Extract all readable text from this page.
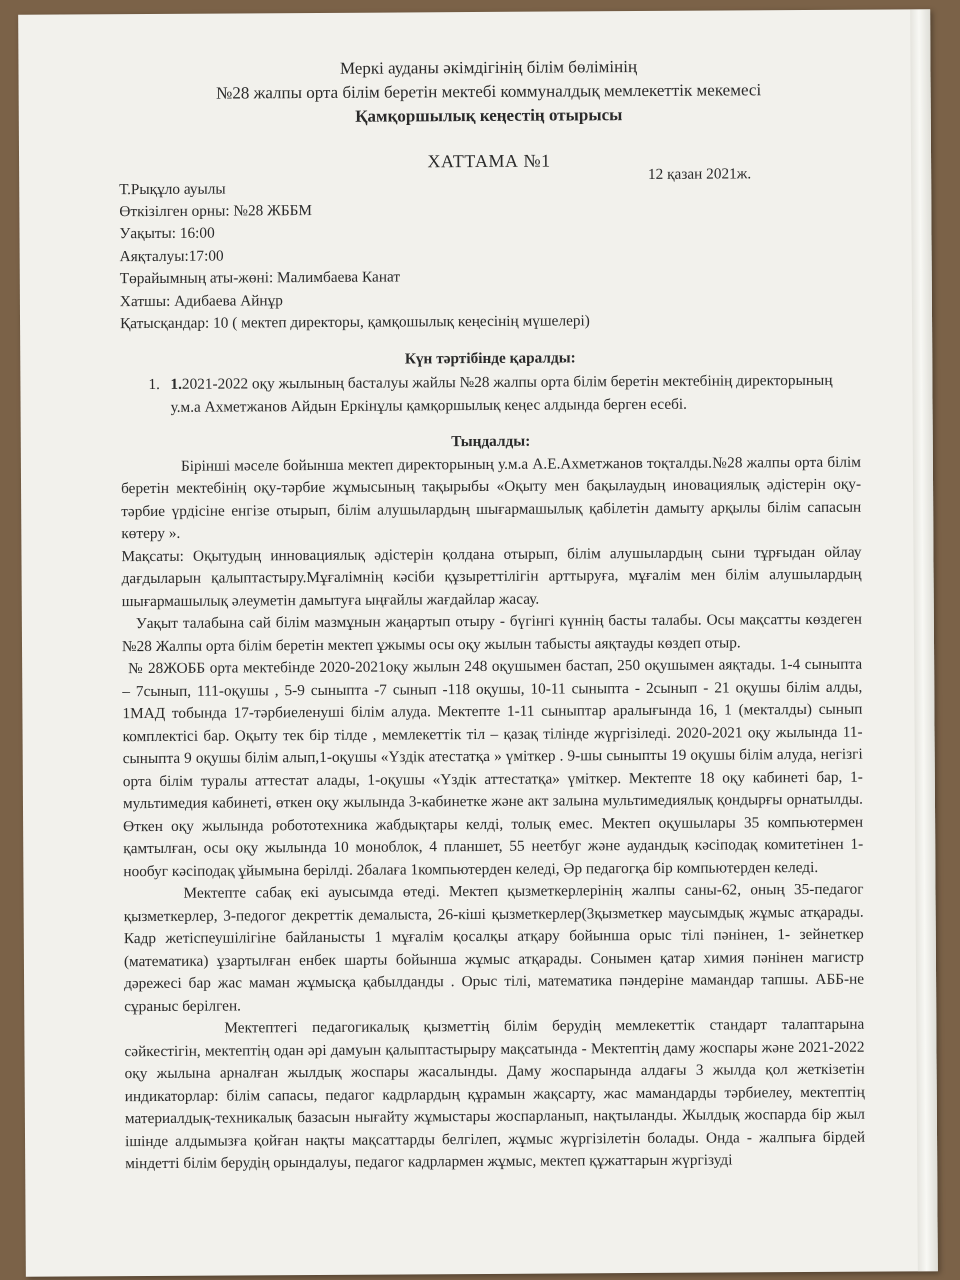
Меркі ауданы әкімдігінің білім бөлімінің
№28 жалпы орта білім беретін мектебі коммуналдық мемлекеттік мекемесі
Қамқоршылық кеңестің отырысы
ХАТТАМА №1
Т.Рықұло ауылы
12 қазан 2021ж.
Өткізілген орны: №28 ЖББМ
Уақыты: 16:00
Аяқталуы:17:00
Төрайымның аты-жөні: Малимбаева Канат
Хатшы: Адибаева Айнұр
Қатысқандар: 10 ( мектеп директоры, қамқошылық кеңесінің мүшелері)
Күн тәртібінде қаралды:
1. 1.2021-2022 оқу жылының басталуы жайлы №28 жалпы орта білім беретін мектебінің директорының у.м.а Ахметжанов Айдын Еркінұлы қамқоршылық кеңес алдында берген есебі.
Тыңдалды:

Бірінші мәселе бойынша мектеп директорының у.м.а А.Е.Ахметжанов тоқталды.№28 жалпы орта білім беретін мектебінің оқу-тәрбие жұмысының тақырыбы «Оқыту мен бақылаудың иновациялық әдістерін оқу-тәрбие үрдісіне енгізе отырып, білім алушылардың шығармашылық қабілетін дамыту арқылы білім сапасын көтеру ».

Мақсаты: Оқытудың инновациялық әдістерін қолдана отырып, білім алушылардың сыни тұрғыдан ойлау дағдыларын қалыптастыру.Мұғалімнің кәсіби құзыреттілігін арттыруға, мұғалім мен білім алушылардың шығармашылық әлеуметін дамытуға ыңғайлы жағдайлар жасау.

Уақыт талабына сай білім мазмұнын жаңартып отыру - бүгінгі күннің басты талабы. Осы мақсатты көздеген №28 Жалпы орта білім беретін мектеп ұжымы осы оқу жылын табысты аяқтауды көздеп отыр.

№ 28ЖОББ орта мектебінде 2020-2021оқу жылын 248 оқушымен бастап, 250 оқушымен аяқтады. 1-4 сыныпта – 7сынып, 111-оқушы , 5-9 сыныпта -7 сынып -118 оқушы, 10-11 сыныпта - 2сынып - 21 оқушы білім алды, 1МАД тобында 17-тәрбиеленуші білім алуда. Мектепте 1-11 сыныптар аралығында 16, 1 (мекталды) сынып комплектісі бар. Оқыту тек бір тілде , мемлекеттік тіл – қазақ тілінде жүргізіледі. 2020-2021 оқу жылында 11-сыныпта 9 оқушы білім алып,1-оқушы «Үздік атестатқа » үміткер . 9-шы сыныпты 19 оқушы білім алуда, негізгі орта білім туралы аттестат алады, 1-оқушы «Үздік аттестатқа» үміткер. Мектепте 18 оқу кабинеті бар, 1- мультимедия кабинеті, өткен оқу жылында 3-кабинетке және акт залына мультимедиялық қондырғы орнатылды. Өткен оқу жылында робототехника жабдықтары келді, толық емес. Мектеп оқушылары 35 компьютермен қамтылған, осы оқу жылында 10 моноблок, 4 планшет, 55 неетбуг және аудандық кәсіподақ комитетінен 1- нообуг кәсіподақ ұйымына берілді. 2балаға 1компьютерден келеді, Әр педагогқа бір компьютерден келеді.

Мектепте сабақ екі ауысымда өтеді. Мектеп қызметкерлерінің жалпы саны-62, оның 35-педагог қызметкерлер, 3-педогог декреттік демалыста, 26-кіші қызметкерлер(3қызметкер маусымдық жұмыс атқарады. Кадр жетіспеушілігіне байланысты 1 мұғалім қосалқы атқару бойынша орыс тілі пәнінен, 1- зейнеткер (математика) ұзартылған енбек шарты бойынша жұмыс атқарады. Сонымен қатар химия пәнінен магистр дәрежесі бар жас маман жұмысқа қабылданды . Орыс тілі, математика пәндеріне мамандар тапшы. АББ-не сұраныс берілген.

Мектептегі педагогикалық қызметтің білім берудің мемлекеттік стандарт талаптарына сәйкестігін, мектептің одан әрі дамуын қалыптастырыру мақсатында - Мектептің даму жоспары және 2021-2022 оқу жылына арналған жылдық жоспары жасалынды. Даму жоспарында алдағы 3 жылда қол жеткізетін индикаторлар: білім сапасы, педагог кадрлардың құрамын жақсарту, жас мамандарды тәрбиелеу, мектептің материалдық-техникалық базасын нығайту жұмыстары жоспарланып, нақтыланды. Жылдық жоспарда бір жыл ішінде алдымызға қойған нақты мақсаттарды белгілеп, жұмыс жүргізілетін болады. Онда - жалпыға бірдей міндетті білім берудің орындалуы, педагог кадрлармен жұмыс, мектеп құжаттарын жүргізуді
